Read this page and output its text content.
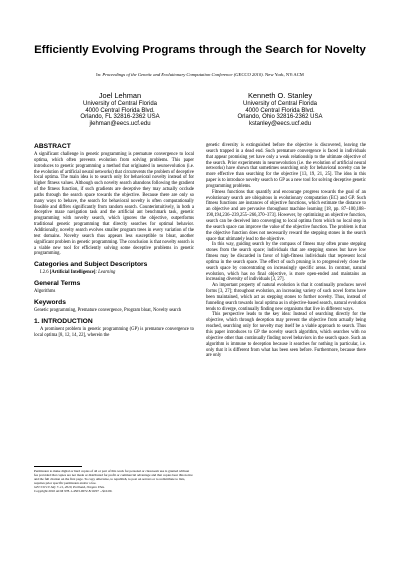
Efficiently Evolving Programs through the Search for Novelty
In: Proceedings of the Genetic and Evolutionary Computation Conference (GECCO 2010). New York, NY:ACM
Joel Lehman
University of Central Florida
4000 Central Florida Blvd.
Orlando, FL 32816-2362 USA
jlehman@eecs.ucf.edu
Kenneth O. Stanley
University of Central Florida
4000 Central Florida Blvd.
Orlando, Ohio 32816-2362 USA
kstanley@eecs.ucf.edu
ABSTRACT

A significant challenge in genetic programming is premature convergence to local optima, which often prevents evolution from solving problems. This paper introduces to genetic programming a method that originated in neuroevolution (i.e. the evolution of artificial neural networks) that circumvents the problem of deceptive local optima. The main idea is to search only for behavioral novelty instead of for higher fitness values. Although such novelty search abandons following the gradient of the fitness function, if such gradients are deceptive they may actually occlude paths through the search space towards the objective. Because there are only so many ways to behave, the search for behavioral novelty is often computationally feasible and differs significantly from random search. Counterintuitively, in both a deceptive maze navigation task and the artificial ant benchmark task, genetic programming with novelty search, which ignores the objective, outperforms traditional genetic programming that directly searches for optimal behavior. Additionally, novelty search evolves smaller program trees in every variation of the test domains. Novelty search thus appears less susceptible to bloat, another significant problem in genetic programming. The conclusion is that novelty search is a viable new tool for efficiently solving some deceptive problems in genetic programming.

Categories and Subject Descriptors

I.2.6 [Artificial Intelligence]: Learning

General Terms

Algorithms

Keywords

Genetic programming, Premature convergence, Program bloat, Novelty search

1. INTRODUCTION

A prominent problem in genetic programming (GP) is premature convergence to local optima [8, 12, 14, 22], wherein the

Permission to make digital or hard copies of all or part of this work for personal or classroom use is granted without fee provided that copies are not made or distributed for profit or commercial advantage and that copies bear this notice and the full citation on the first page. To copy otherwise, to republish, to post on servers or to redistribute to lists, requires prior specific permission and/or a fee.

GECCO'10 July 7–11, 2010, Portland, Oregon USA.

Copyright 2010 ACM 978-1-4503-0072-8/10/07 ...$10.00.

genetic diversity is extinguished before the objective is discovered, leaving the search trapped in a dead end. Such premature convergence is faced in individuals that appear promising yet have only a weak relationship to the ultimate objective of the search. Prior experiments in neuroevolution (i.e. the evolution of artificial neural networks) have shown that sometimes searching only for behavioral novelty can be more effective than searching for the objective [13, 19, 21, 25]. The idea in this paper is to introduce novelty search to GP as a new tool for solving deceptive genetic programming problems.

Fitness functions that quantify and encourage progress towards the goal of an evolutionary search are ubiquitous in evolutionary computation (EC) and GP. Such fitness functions are instances of objective functions, which estimate the distance to an objective and are pervasive throughout machine learning [18, pp. 87–100,188–190,194,236–239,255–266,370–373]. However, by optimizing an objective function, search can be deceived into converging to local optima from which no local step in the search space can improve the value of the objective function. The problem is that the objective function does not necessarily reward the stepping stones in the search space that ultimately lead to the objective.

In this way, guiding search by the compass of fitness may often prune stepping stones from the search space; individuals that are stepping stones but have low fitness may be discarded in favor of high-fitness individuals that represent local optima in the search space. The effect of such pruning is to progressively close the search space by concentrating on increasingly specific areas. In contrast, natural evolution, which has no final objective, is more open-ended and maintains an increasing diversity of individuals [3, 27].

An important property of natural evolution is that it continually produces novel forms [3, 27]; throughout evolution, an increasing variety of such novel forms have been maintained, which act as stepping stones to further novelty. Thus, instead of funneling search towards local optima as in objective-based search, natural evolution tends to diverge, continually finding new organisms that live in different ways.

This perspective leads to the key idea: Instead of searching directly for the objective, which through deception may prevent the objective from actually being reached, searching only for novelty may itself be a viable approach to search. Thus this paper introduces to GP the novelty search algorithm, which searches with no objective other than continually finding novel behaviors in the search space. Such an algorithm is immune to deception because it searches for nothing in particular, i.e. only that it is different from what has been seen before. Furthermore, because there are only
